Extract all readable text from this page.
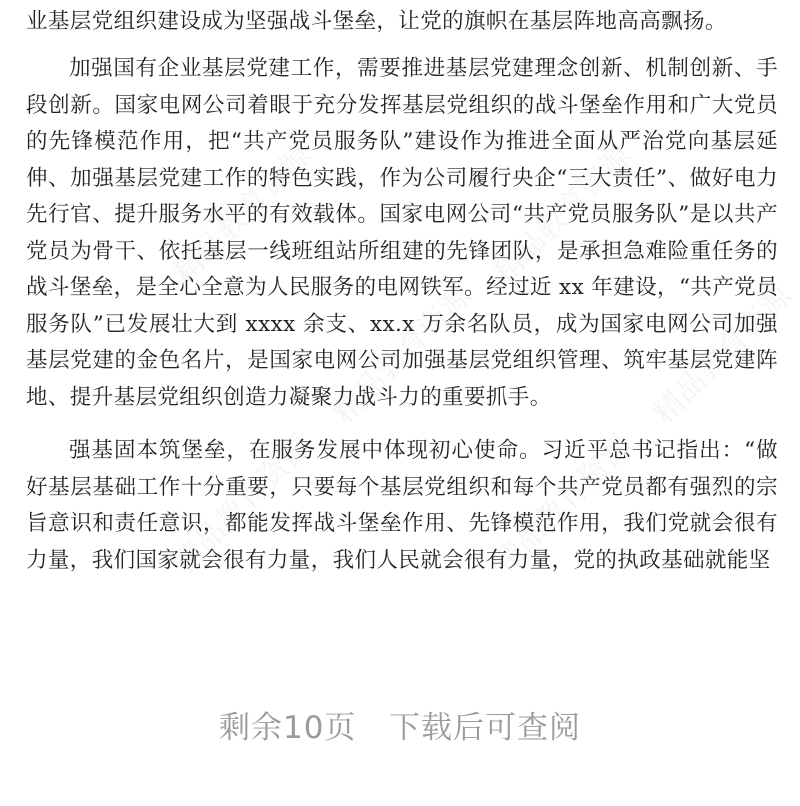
精品教育资源	精品教育资源
精品教育资源	精品教育资源
精品教育资源	精品教育资源

业基层党组织建设成为坚强战斗堡垒，让党的旗帜在基层阵地高高飘扬。

加强国有企业基层党建工作，需要推进基层党建理念创新、机制创新、手段创新。国家电网公司着眼于充分发挥基层党组织的战斗堡垒作用和广大党员的先锋模范作用，把“共产党员服务队”建设作为推进全面从严治党向基层延伸、加强基层党建工作的特色实践，作为公司履行央企“三大责任”、做好电力先行官、提升服务水平的有效载体。国家电网公司“共产党员服务队”是以共产党员为骨干、依托基层一线班组站所组建的先锋团队，是承担急难险重任务的战斗堡垒，是全心全意为人民服务的电网铁军。经过近 xx 年建设，“共产党员服务队”已发展壮大到 xxxx 余支、xx.x 万余名队员，成为国家电网公司加强基层党建的金色名片，是国家电网公司加强基层党组织管理、筑牢基层党建阵地、提升基层党组织创造力凝聚力战斗力的重要抓手。

强基固本筑堡垒，在服务发展中体现初心使命。习近平总书记指出：“做好基层基础工作十分重要，只要每个基层党组织和每个共产党员都有强烈的宗旨意识和责任意识，都能发挥战斗堡垒作用、先锋模范作用，我们党就会很有力量，我们国家就会很有力量，我们人民就会很有力量，党的执政基础就能坚

剩余10页 下载后可查阅
